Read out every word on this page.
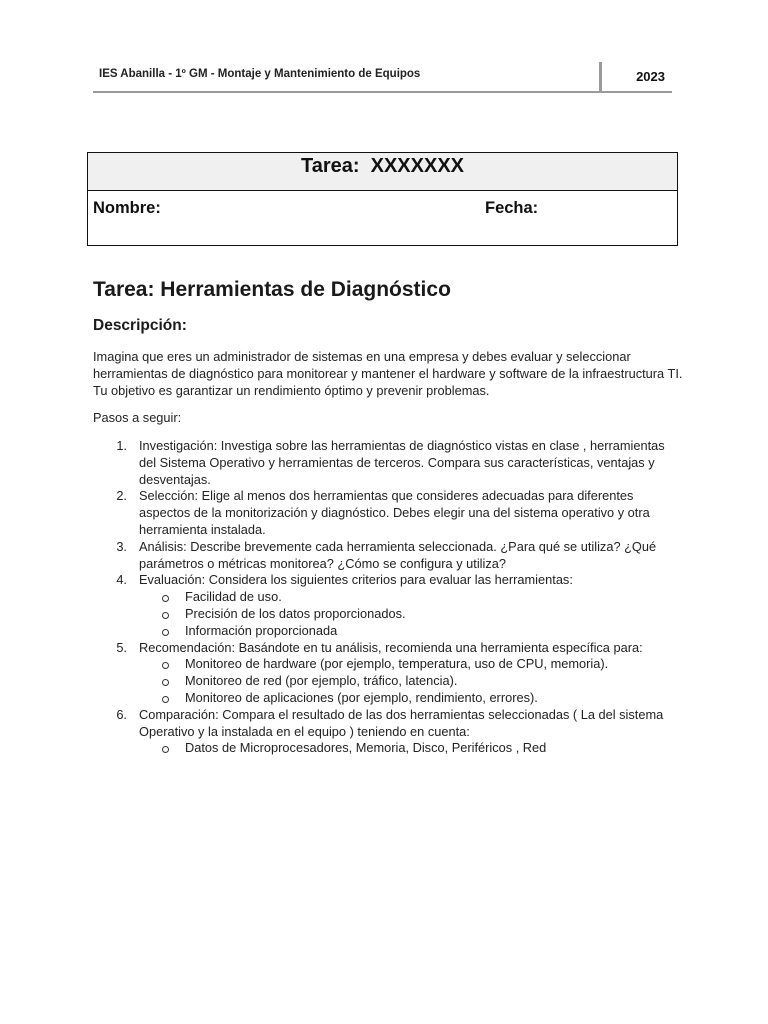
IES Abanilla - 1º GM - Montaje y Mantenimiento de Equipos	2023
Tarea:  XXXXXXX
Nombre:	Fecha:
Tarea: Herramientas de Diagnóstico
Descripción:
Imagina que eres un administrador de sistemas en una empresa y debes evaluar y seleccionar herramientas de diagnóstico para monitorear y mantener el hardware y software de la infraestructura TI. Tu objetivo es garantizar un rendimiento óptimo y prevenir problemas.
Pasos a seguir:
1. Investigación: Investiga sobre las herramientas de diagnóstico vistas en clase , herramientas del Sistema Operativo y herramientas de terceros. Compara sus características, ventajas y desventajas.
2. Selección: Elige al menos dos herramientas que consideres adecuadas para diferentes aspectos de la monitorización y diagnóstico. Debes elegir una del sistema operativo y otra herramienta instalada.
3. Análisis: Describe brevemente cada herramienta seleccionada. ¿Para qué se utiliza? ¿Qué parámetros o métricas monitorea? ¿Cómo se configura y utiliza?
4. Evaluación: Considera los siguientes criterios para evaluar las herramientas:
Facilidad de uso.
Precisión de los datos proporcionados.
Información proporcionada
5. Recomendación: Basándote en tu análisis, recomienda una herramienta específica para:
Monitoreo de hardware (por ejemplo, temperatura, uso de CPU, memoria).
Monitoreo de red (por ejemplo, tráfico, latencia).
Monitoreo de aplicaciones (por ejemplo, rendimiento, errores).
6. Comparación: Compara el resultado de las dos herramientas seleccionadas ( La del sistema Operativo y la instalada en el equipo ) teniendo en cuenta:
Datos de Microprocesadores, Memoria, Disco, Periféricos , Red
